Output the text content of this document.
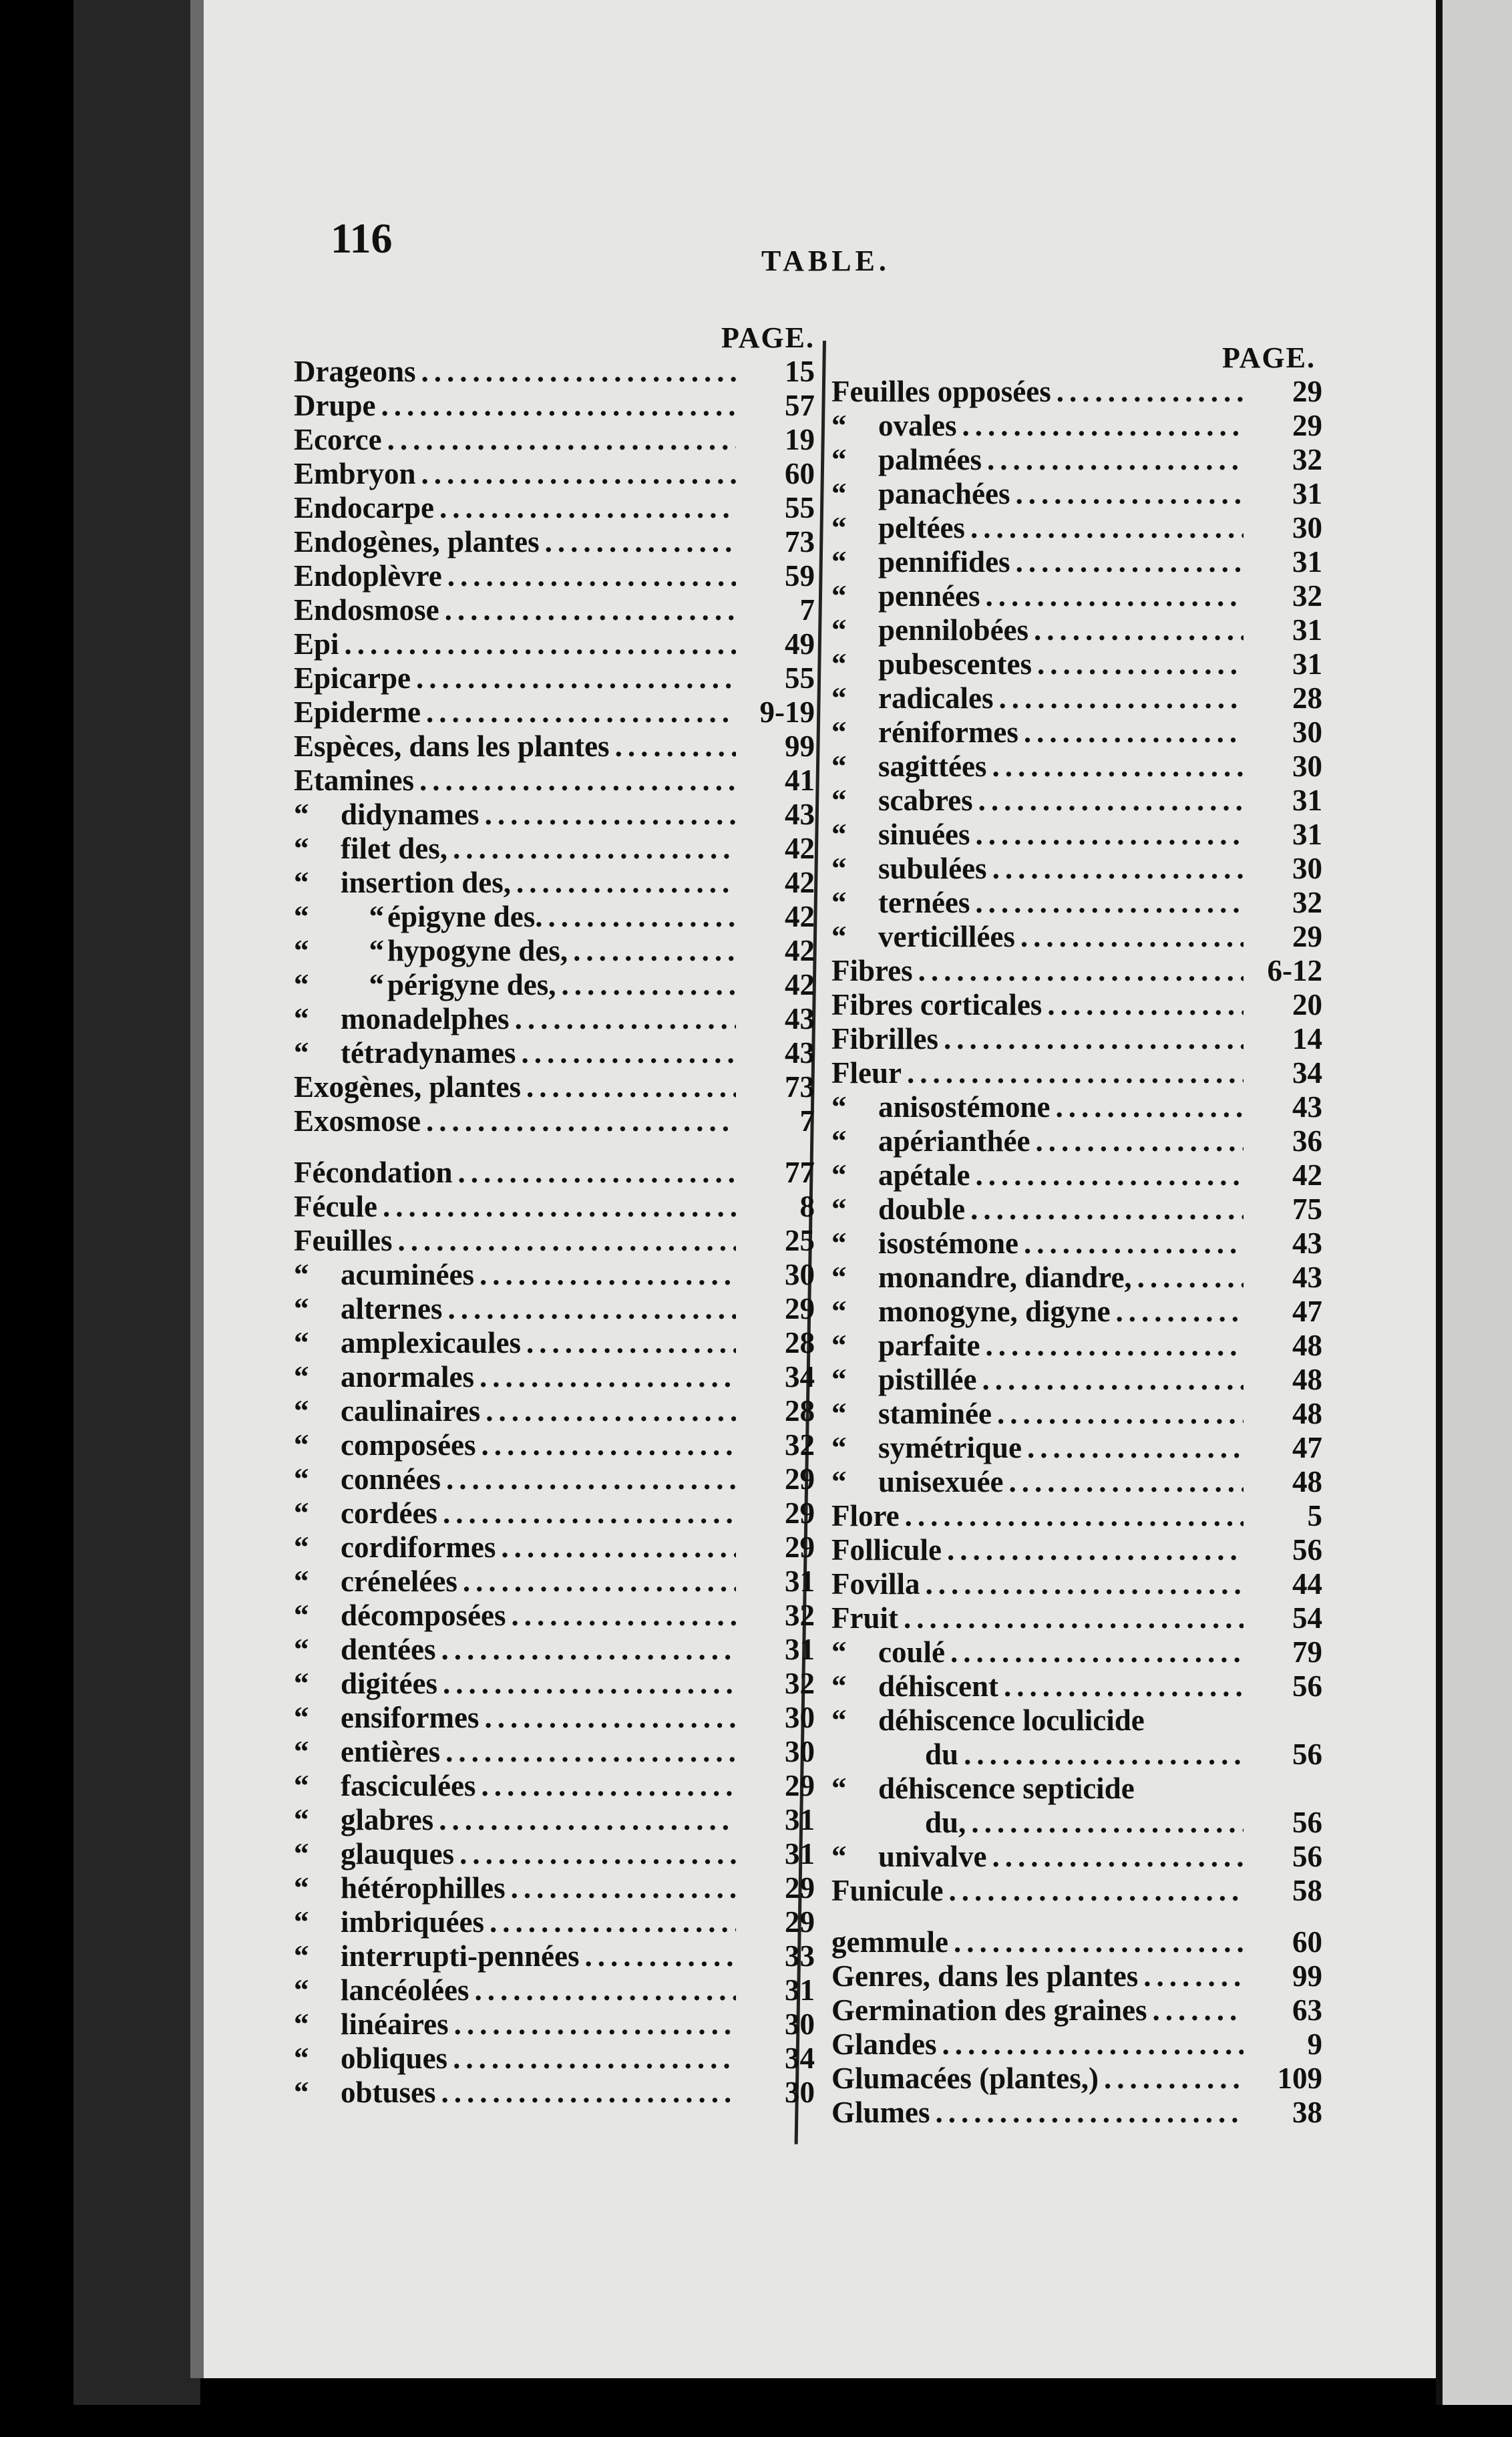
116	TABLE.
PAGE.
PAGE.
Drageons .....	15
Drupe .....	57
Ecorce .....	19
Embryon .....	60
Endocarpe .....	55
Endogènes, plantes .....	73
Endoplèvre .....	59
Endosmose .....	7
Epi .....	49
Epicarpe .....	55
Epiderme .....	9-19
Espèces, dans les plantes .....	99
Etamines .....	41
“	didynames .....	43
“	filet des, .....	42
“	insertion des, .....	42
“  “ épigyne des. .....	42
“  “ hypogyne des, .....	42
“  “ périgyne des, .....	42
“	monadelphes .....	43
“	tétradynames .....	43
Exogènes, plantes .....	73
Exosmose .....	7
Fécondation .....	77
Fécule .....	8
Feuilles .....	25
“	acuminées .....	30
“	alternes .....	29
“	amplexicaules .....	28
“	anormales .....	34
“	caulinaires .....	28
“	composées .....	32
“	connées .....	29
“	cordées .....	29
“	cordiformes .....	29
“	crénelées .....	31
“	décomposées .....	32
“	dentées .....	31
“	digitées .....	32
“	ensiformes .....	30
“	entières .....	30
“	fasciculées .....	29
“	glabres .....	31
“	glauques .....	31
“	hétérophilles .....	29
“	imbriquées .....	29
“	interrupti-pennées .....	33
“	lancéolées .....	31
“	linéaires .....	30
“	obliques .....	34
“	obtuses .....	30
Feuilles opposées .....	29
“	ovales .....	29
“	palmées .....	32
“	panachées .....	31
“	peltées .....	30
“	pennifides .....	31
“	pennées .....	32
“	pennilobées .....	31
“	pubescentes .....	31
“	radicales .....	28
“	réniformes .....	30
“	sagittées .....	30
“	scabres .....	31
“	sinuées .....	31
“	subulées .....	30
“	ternées .....	32
“	verticillées .....	29
Fibres .....	6-12
Fibres corticales .....	20
Fibrilles .....	14
Fleur .....	34
“	anisostémone .....	43
“	apérianthée .....	36
“	apétale .....	42
“	double .....	75
“	isostémone .....	43
“	monandre, diandre, .....	43
“	monogyne, digyne .....	47
“	parfaite .....	48
“	pistillée .....	48
“	staminée .....	48
“	symétrique .....	47
“	unisexuée .....	48
Flore .....	5
Follicule .....	56
Fovilla .....	44
Fruit .....	54
“	coulé .....	79
“	déhiscent .....	56
“	déhiscence loculicide
du .....	56
“	déhiscence septicide
du, .....	56
“	univalve .....	56
Funicule .....	58
gemmule .....	60
Genres, dans les plantes .....	99
Germination des graines .....	63
Glandes .....	9
Glumacées (plantes,) .....	109
Glumes .....	38
